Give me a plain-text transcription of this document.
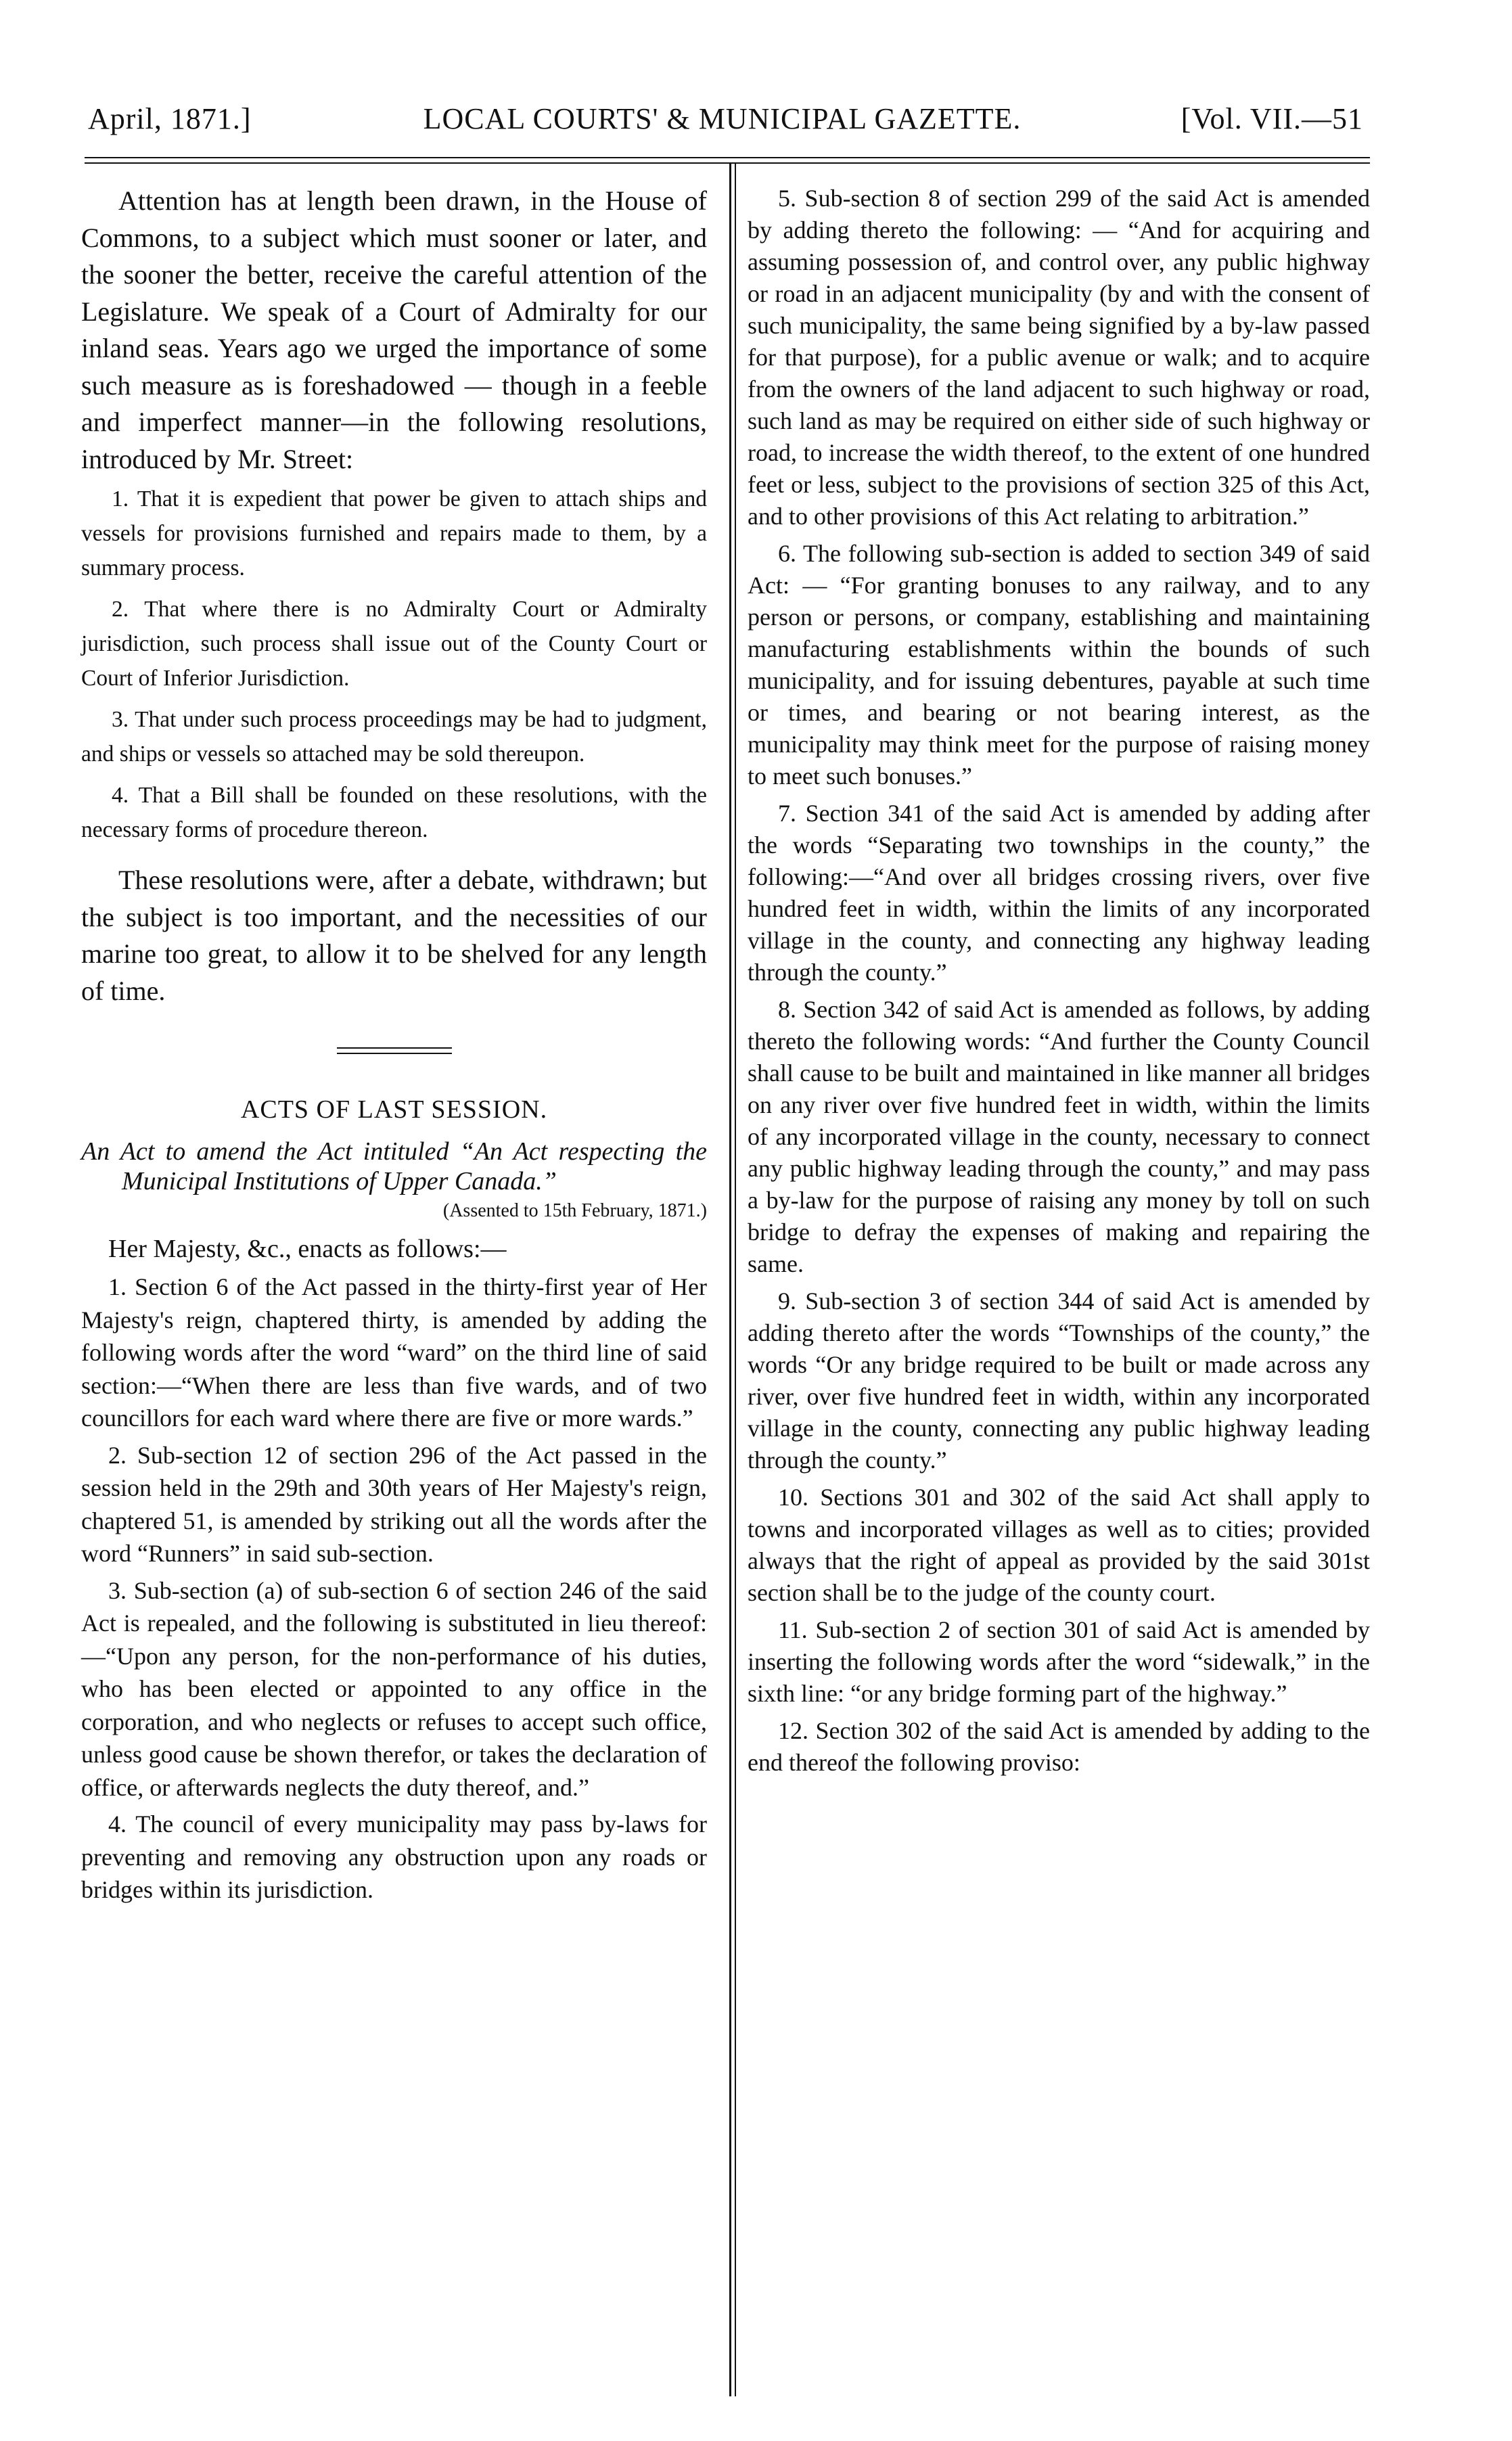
April, 1871.]	LOCAL COURTS' & MUNICIPAL GAZETTE.	[Vol. VII.—51

Attention has at length been drawn, in the House of Commons, to a subject which must sooner or later, and the sooner the better, receive the careful attention of the Legislature. We speak of a Court of Admiralty for our inland seas. Years ago we urged the importance of some such measure as is foreshadowed — though in a feeble and imperfect manner—in the following resolutions, introduced by Mr. Street:

1. That it is expedient that power be given to attach ships and vessels for provisions furnished and repairs made to them, by a summary process.

2. That where there is no Admiralty Court or Admiralty jurisdiction, such process shall issue out of the County Court or Court of Inferior Jurisdiction.

3. That under such process proceedings may be had to judgment, and ships or vessels so attached may be sold thereupon.

4. That a Bill shall be founded on these resolutions, with the necessary forms of procedure thereon.

These resolutions were, after a debate, withdrawn; but the subject is too important, and the necessities of our marine too great, to allow it to be shelved for any length of time.

ACTS OF LAST SESSION.

An Act to amend the Act intituled “An Act respecting the Municipal Institutions of Upper Canada.”

(Assented to 15th February, 1871.)

Her Majesty, &c., enacts as follows:—

1. Section 6 of the Act passed in the thirty-first year of Her Majesty's reign, chaptered thirty, is amended by adding the following words after the word “ward” on the third line of said section:—“When there are less than five wards, and of two councillors for each ward where there are five or more wards.”

2. Sub-section 12 of section 296 of the Act passed in the session held in the 29th and 30th years of Her Majesty's reign, chaptered 51, is amended by striking out all the words after the word “Runners” in said sub-section.

3. Sub-section (a) of sub-section 6 of section 246 of the said Act is repealed, and the following is substituted in lieu thereof:—“Upon any person, for the non-performance of his duties, who has been elected or appointed to any office in the corporation, and who neglects or refuses to accept such office, unless good cause be shown therefor, or takes the declaration of office, or afterwards neglects the duty thereof, and.”

4. The council of every municipality may pass by-laws for preventing and removing any obstruction upon any roads or bridges within its jurisdiction.

5. Sub-section 8 of section 299 of the said Act is amended by adding thereto the following: — “And for acquiring and assuming possession of, and control over, any public highway or road in an adjacent municipality (by and with the consent of such municipality, the same being signified by a by-law passed for that purpose), for a public avenue or walk; and to acquire from the owners of the land adjacent to such highway or road, such land as may be required on either side of such highway or road, to increase the width thereof, to the extent of one hundred feet or less, subject to the provisions of section 325 of this Act, and to other provisions of this Act relating to arbitration.”

6. The following sub-section is added to section 349 of said Act: — “For granting bonuses to any railway, and to any person or persons, or company, establishing and maintaining manufacturing establishments within the bounds of such municipality, and for issuing debentures, payable at such time or times, and bearing or not bearing interest, as the municipality may think meet for the purpose of raising money to meet such bonuses.”

7. Section 341 of the said Act is amended by adding after the words “Separating two townships in the county,” the following:—“And over all bridges crossing rivers, over five hundred feet in width, within the limits of any incorporated village in the county, and connecting any highway leading through the county.”

8. Section 342 of said Act is amended as follows, by adding thereto the following words: “And further the County Council shall cause to be built and maintained in like manner all bridges on any river over five hundred feet in width, within the limits of any incorporated village in the county, necessary to connect any public highway leading through the county,” and may pass a by-law for the purpose of raising any money by toll on such bridge to defray the expenses of making and repairing the same.

9. Sub-section 3 of section 344 of said Act is amended by adding thereto after the words “Townships of the county,” the words “Or any bridge required to be built or made across any river, over five hundred feet in width, within any incorporated village in the county, connecting any public highway leading through the county.”

10. Sections 301 and 302 of the said Act shall apply to towns and incorporated villages as well as to cities; provided always that the right of appeal as provided by the said 301st section shall be to the judge of the county court.

11. Sub-section 2 of section 301 of said Act is amended by inserting the following words after the word “sidewalk,” in the sixth line: “or any bridge forming part of the highway.”

12. Section 302 of the said Act is amended by adding to the end thereof the following proviso:
